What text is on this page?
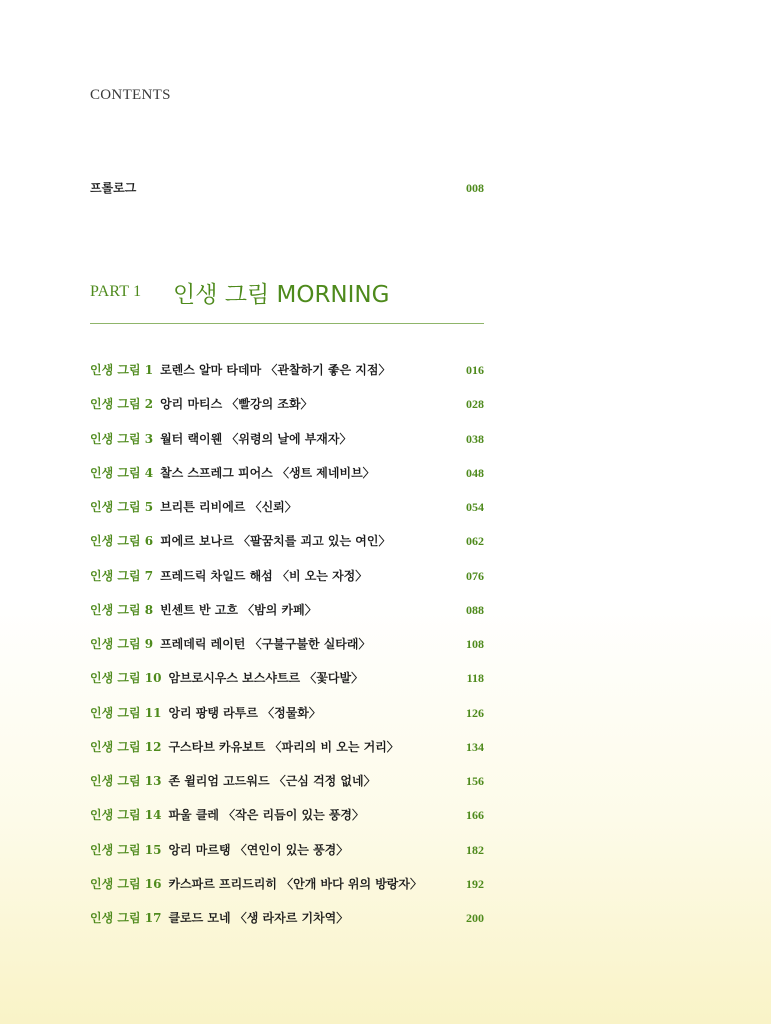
CONTENTS
프롤로그	008
PART 1 인생 그림 MORNING
인생 그림 1 로렌스 알마 타데마 〈관찰하기 좋은 지점〉	016
인생 그림 2 앙리 마티스 〈빨강의 조화〉	028
인생 그림 3 월터 랙이웬 〈위령의 날에 부재자〉	038
인생 그림 4 찰스 스프레그 피어스 〈생트 제네비브〉	048
인생 그림 5 브리튼 리비에르 〈신뢰〉	054
인생 그림 6 피에르 보나르 〈팔꿈치를 괴고 있는 여인〉	062
인생 그림 7 프레드릭 차일드 해섬 〈비 오는 자정〉	076
인생 그림 8 빈센트 반 고흐 〈밤의 카페〉	088
인생 그림 9 프레데릭 레이턴 〈구불구불한 실타래〉	108
인생 그림 10 암브로시우스 보스샤트르 〈꽃다발〉	118
인생 그림 11 앙리 팡탱 라투르 〈정물화〉	126
인생 그림 12 구스타브 카유보트 〈파리의 비 오는 거리〉	134
인생 그림 13 존 윌리엄 고드워드 〈근심 걱정 없네〉	156
인생 그림 14 파울 클레 〈작은 리듬이 있는 풍경〉	166
인생 그림 15 앙리 마르탱 〈연인이 있는 풍경〉	182
인생 그림 16 카스파르 프리드리히 〈안개 바다 위의 방랑자〉	192
인생 그림 17 클로드 모네 〈생 라자르 기차역〉	200
